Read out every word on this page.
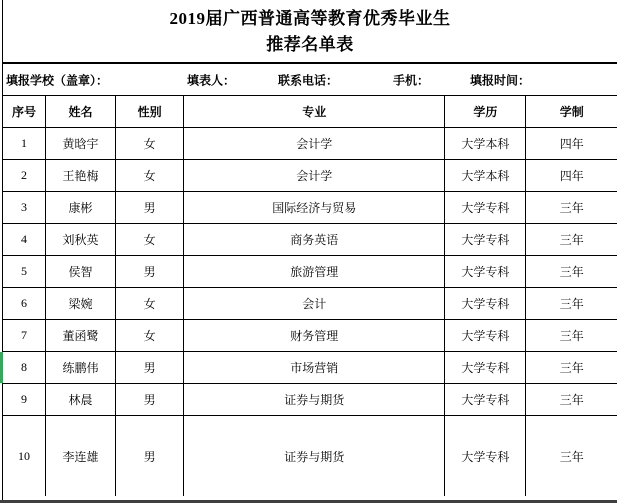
2019届广西普通高等教育优秀毕业生
推荐名单表
填报学校（盖章）：	填表人：	联系电话：	手机：	填报时间：
序号	姓名	性别	专业	学历	学制
1	黄晗宇	女	会计学	大学本科	四年
2	王艳梅	女	会计学	大学本科	四年
3	康彬	男	国际经济与贸易	大学专科	三年
4	刘秋英	女	商务英语	大学专科	三年
5	侯智	男	旅游管理	大学专科	三年
6	梁婉	女	会计	大学专科	三年
7	董函鹭	女	财务管理	大学专科	三年
8	练鹏伟	男	市场营销	大学专科	三年
9	林晨	男	证券与期货	大学专科	三年
10	李连雄	男	证券与期货	大学专科	三年
